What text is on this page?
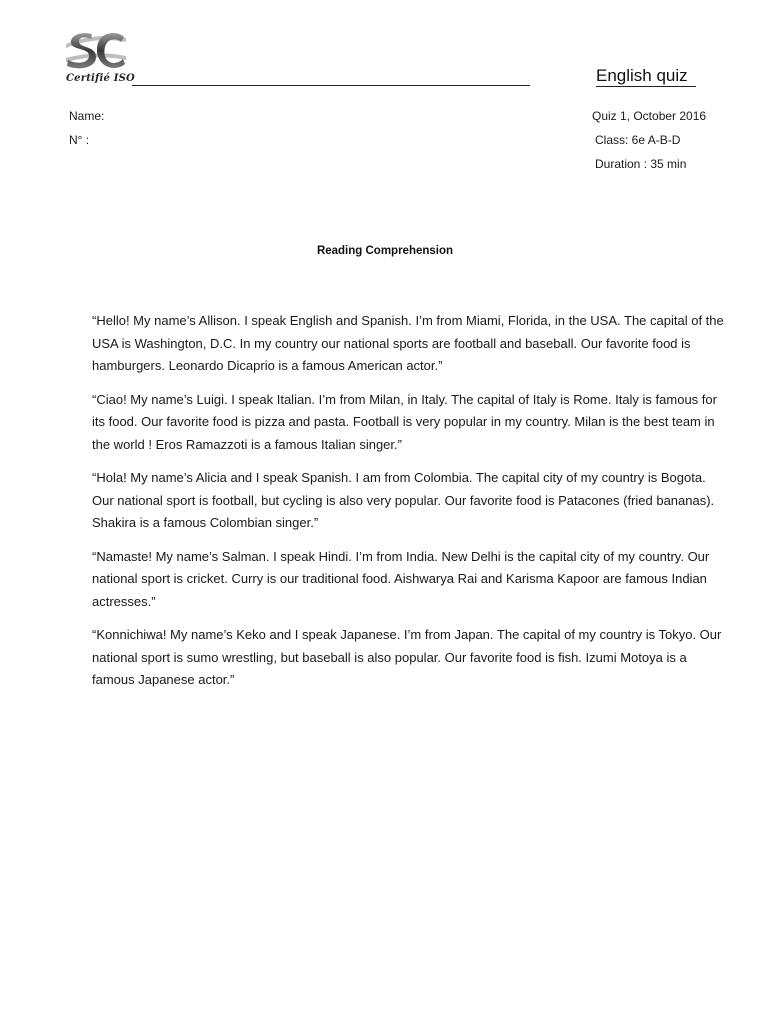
Certifié ISO	English quiz
Name:
N° :
Quiz 1, October 2016
Class: 6e A-B-D
Duration : 35 min
Reading Comprehension

“Hello! My name’s Allison. I speak English and Spanish. I’m from Miami, Florida, in the USA. The capital of the USA is Washington, D.C. In my country our national sports are football and baseball. Our favorite food is hamburgers. Leonardo Dicaprio is a famous American actor.”

“Ciao! My name’s Luigi. I speak Italian. I’m from Milan, in Italy. The capital of Italy is Rome. Italy is famous for its food. Our favorite food is pizza and pasta. Football is very popular in my country. Milan is the best team in the world ! Eros Ramazzoti is a famous Italian singer.”

“Hola! My name’s Alicia and I speak Spanish. I am from Colombia. The capital city of my country is Bogota. Our national sport is football, but cycling is also very popular. Our favorite food is Patacones (fried bananas). Shakira is a famous Colombian singer.”

“Namaste! My name’s Salman. I speak Hindi. I’m from India. New Delhi is the capital city of my country. Our national sport is cricket. Curry is our traditional food. Aishwarya Rai and Karisma Kapoor are famous Indian actresses.”

“Konnichiwa! My name’s Keko and I speak Japanese. I’m from Japan. The capital of my country is Tokyo. Our national sport is sumo wrestling, but baseball is also popular. Our favorite food is fish. Izumi Motoya is a famous Japanese actor.”
